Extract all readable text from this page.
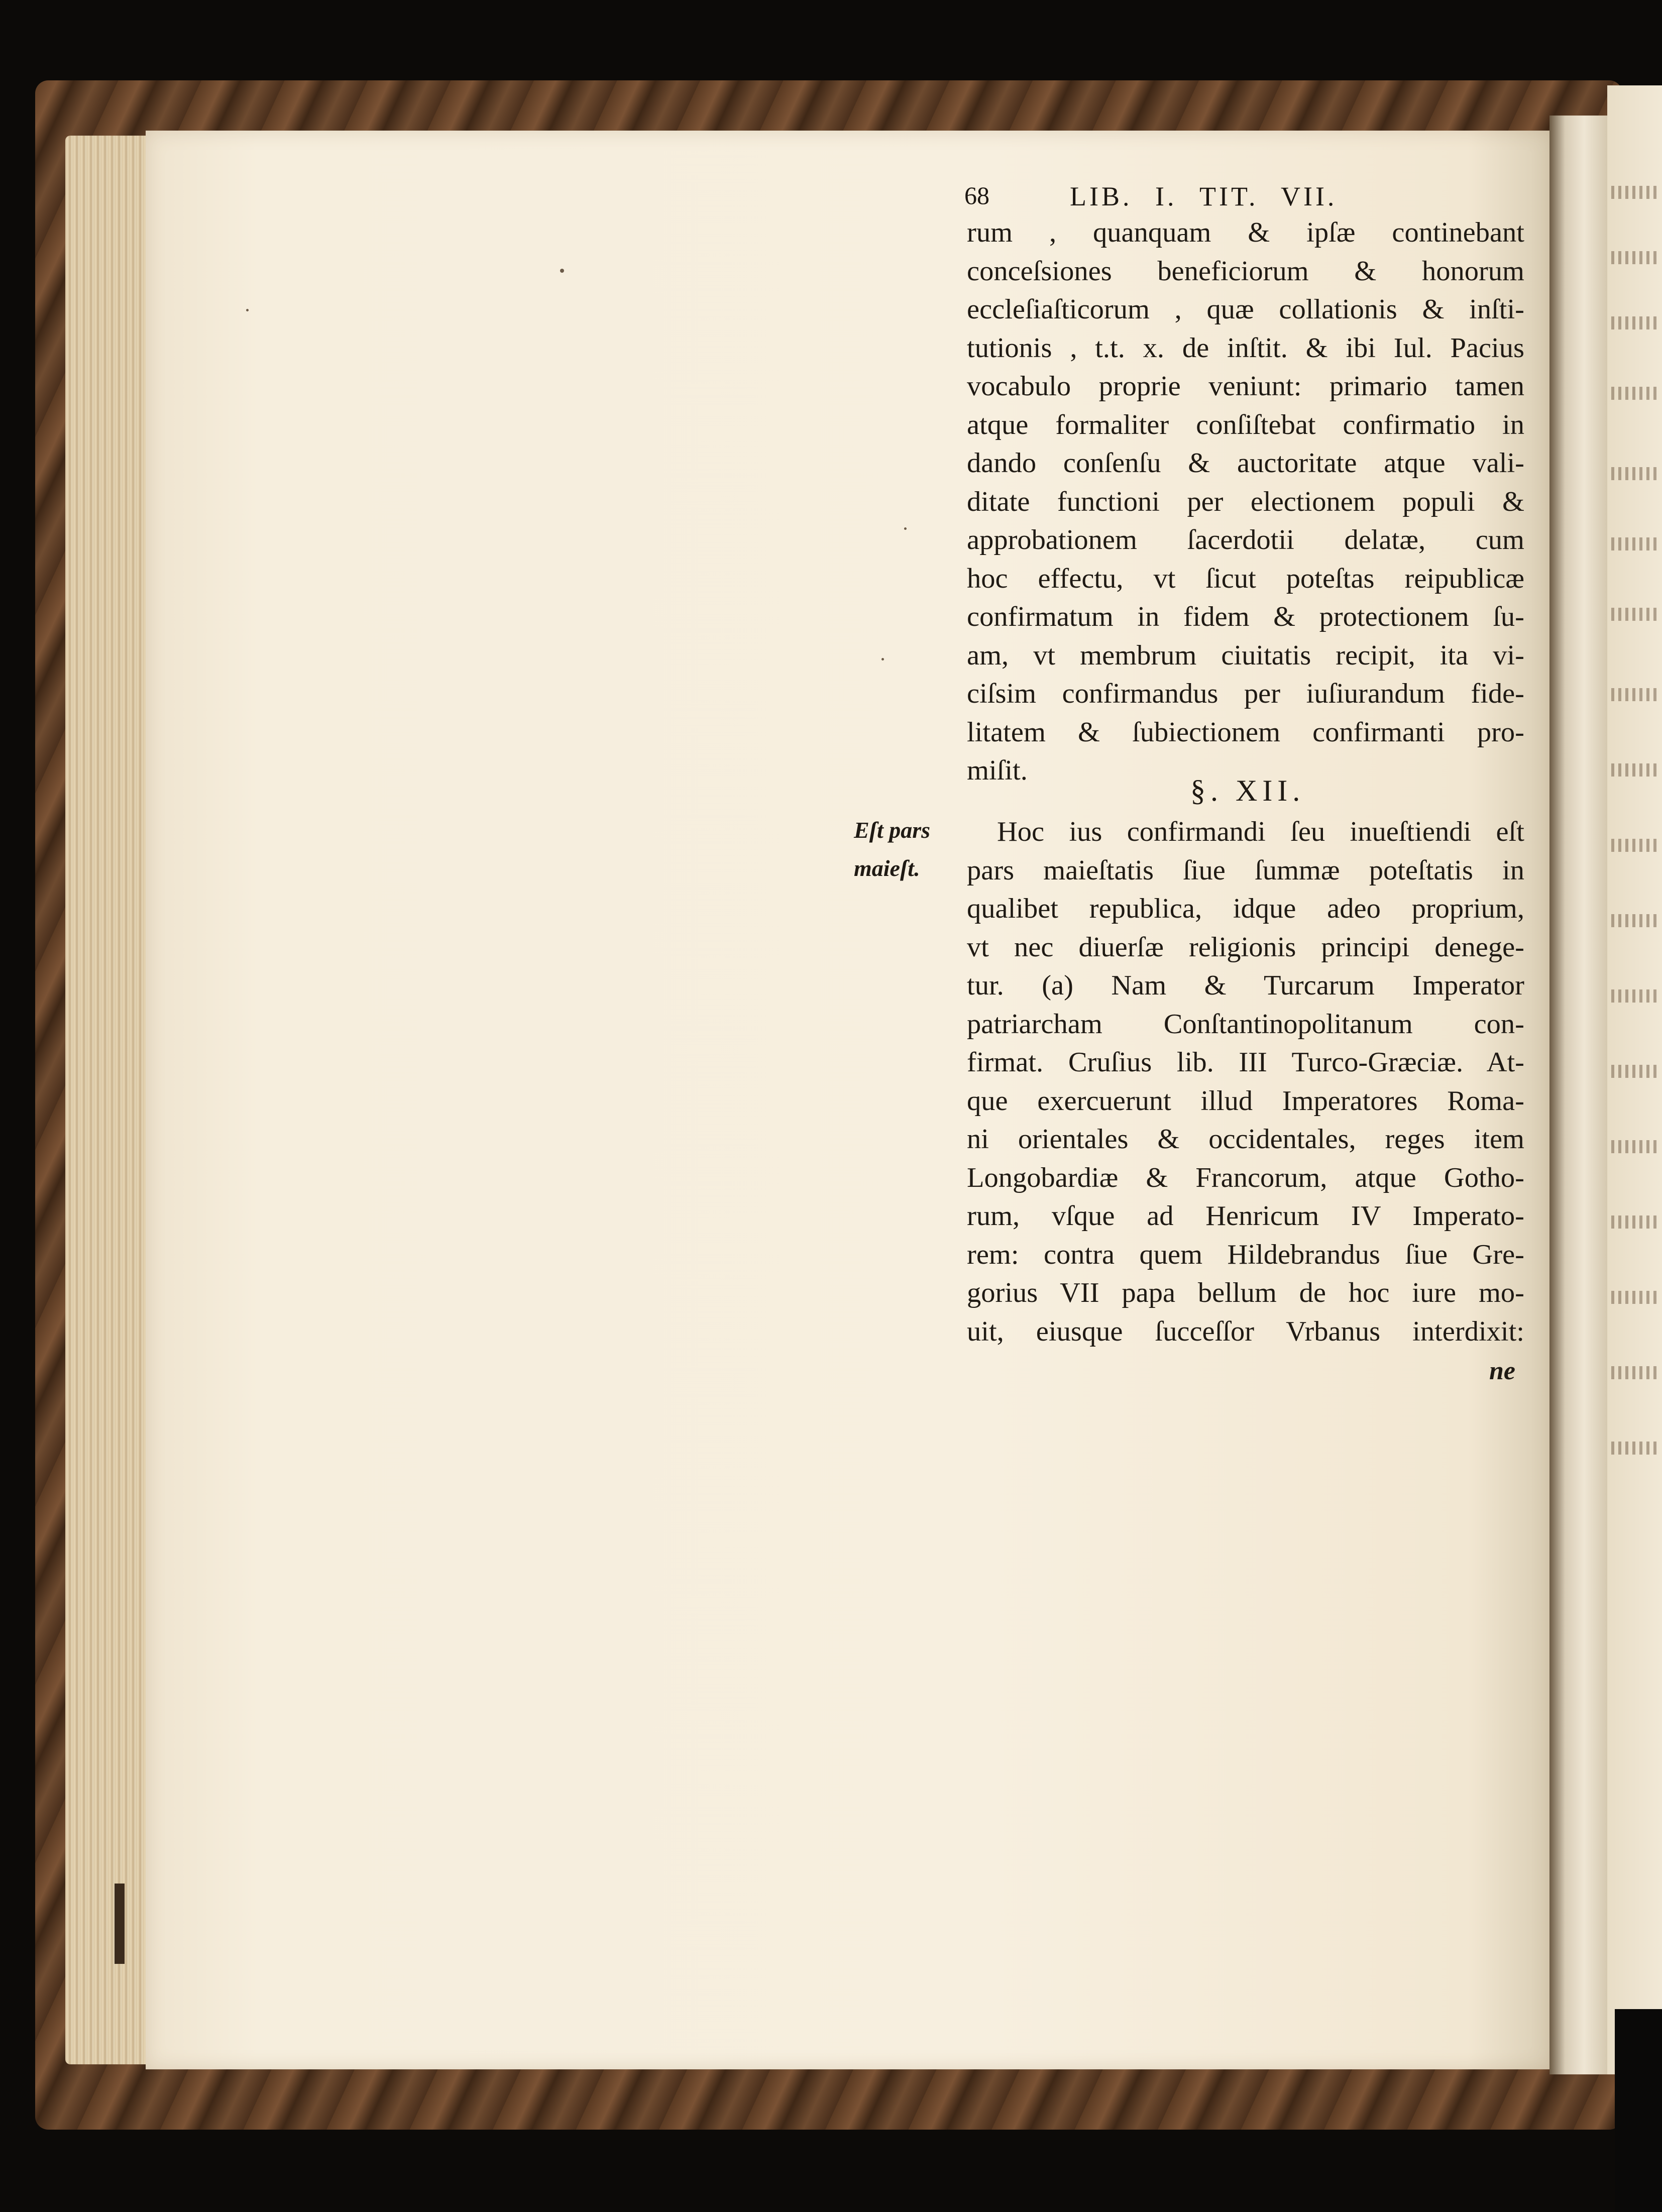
68	LIB. I. TIT. VII.
rum , quanquam & ipſæ continebant
conceſsiones beneficiorum & honorum
eccleſiaſticorum , quæ collationis & inſti-
tutionis , t.t. x. de inſtit. & ibi Iul. Pacius
vocabulo proprie veniunt: primario tamen
atque formaliter conſiſtebat confirmatio in
dando conſenſu & auctoritate atque vali-
ditate functioni per electionem populi &
approbationem ſacerdotii delatæ, cum
hoc effectu, vt ſicut poteſtas reipublicæ
confirmatum in fidem & protectionem ſu-
am, vt membrum ciuitatis recipit, ita vi-
ciſsim confirmandus per iuſiurandum fide-
litatem & ſubiectionem confirmanti pro-
miſit.
§. XII.
Eſt pars
maieſt.
Hoc ius confirmandi ſeu inueſtiendi eſt
pars maieſtatis ſiue ſummæ poteſtatis in
qualibet republica, idque adeo proprium,
vt nec diuerſæ religionis principi denege-
tur. (a) Nam & Turcarum Imperator
patriarcham Conſtantinopolitanum con-
firmat. Cruſius lib. III Turco-Græciæ. At-
que exercuerunt illud Imperatores Roma-
ni orientales & occidentales, reges item
Longobardiæ & Francorum, atque Gotho-
rum, vſque ad Henricum IV Imperato-
rem: contra quem Hildebrandus ſiue Gre-
gorius VII papa bellum de hoc iure mo-
uit, eiusque ſucceſſor Vrbanus interdixit:
ne
